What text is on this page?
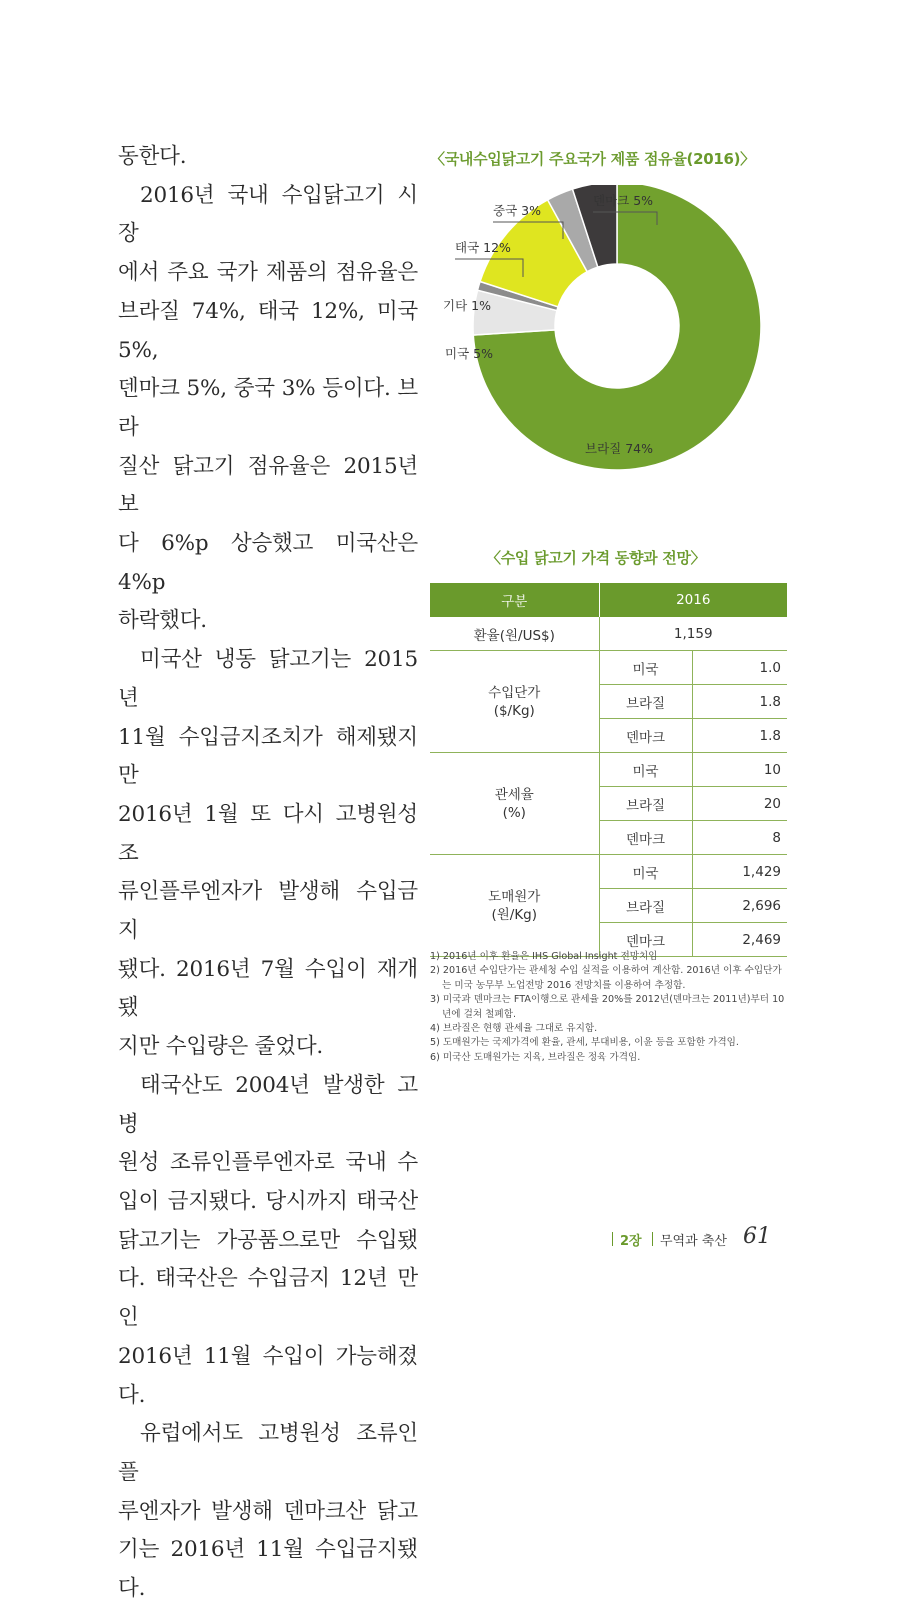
동한다.

2016년 국내 수입닭고기 시장

에서 주요 국가 제품의 점유율은

브라질 74%, 태국 12%, 미국 5%,

덴마크 5%, 중국 3% 등이다. 브라

질산 닭고기 점유율은 2015년보

다 6%p 상승했고 미국산은 4%p

하락했다.

미국산 냉동 닭고기는 2015년

11월 수입금지조치가 해제됐지만

2016년 1월 또 다시 고병원성 조

류인플루엔자가 발생해 수입금지

됐다. 2016년 7월 수입이 재개됐

지만 수입량은 줄었다.

태국산도 2004년 발생한 고병

원성 조류인플루엔자로 국내 수

입이 금지됐다. 당시까지 태국산

닭고기는 가공품으로만 수입됐

다. 태국산은 수입금지 12년 만인

2016년 11월 수입이 가능해졌다.

유럽에서도 고병원성 조류인플

루엔자가 발생해 덴마크산 닭고

기는 2016년 11월 수입금지됐다.

〈국내수입닭고기 주요국가 제품 점유율(2016)〉
브라질 74%
미국 5%
기타 1%
태국 12%
중국 3%
덴마크 5%
〈수입 닭고기 가격 동향과 전망〉
구분	2016	
환율(원/US$)	1,159	

수입단가
($/Kg)	미국	1.0
	브라질	1.8
	덴마크	1.8

관세율
(%)	미국	10
	브라질	20
	덴마크	8

도매원가
(원/Kg)	미국	1,429
	브라질	2,696
	덴마크	2,469
1) 2016년 이후 환율은 IHS Global Insight 전망치임
2) 2016년 수입단가는 관세청 수입 실적을 이용하여 계산함. 2016년 이후 수입단가는 미국 농무부 노업전망 2016 전망치를 이용하여 추정함.
3) 미국과 덴마크는 FTA이행으로 관세율 20%를 2012년(덴마크는 2011년)부터 10년에 걸쳐 철폐함.
4) 브라질은 현행 관세율 그대로 유지함.
5) 도매원가는 국제가격에 환율, 관세, 부대비용, 이윤 등을 포함한 가격임.
6) 미국산 도매원가는 지육, 브라질은 정육 가격임.
2장 무역과 축산 61
